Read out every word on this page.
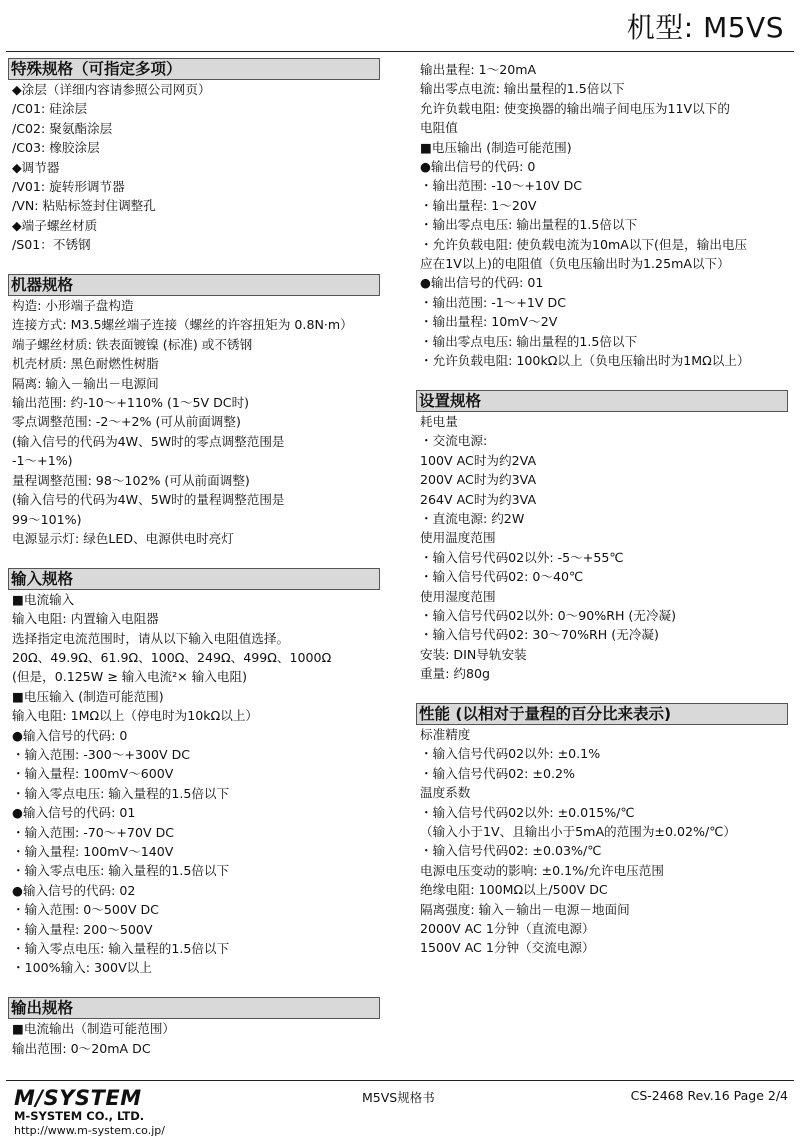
机型: M5VS
特殊规格（可指定多项）
◆涂层（详细内容请参照公司网页）
/C01: 硅涂层
/C02: 聚氨酯涂层
/C03: 橡胶涂层
◆调节器
/V01: 旋转形调节器
/VN: 粘贴标签封住调整孔
◆端子螺丝材质
/S01：不锈钢
机器规格
构造: 小形端子盘构造
连接方式: M3.5螺丝端子连接（螺丝的许容扭矩为 0.8N·m）
端子螺丝材质: 铁表面镀镍 (标准) 或不锈钢
机壳材质: 黑色耐燃性树脂
隔离: 输入－输出－电源间
输出范围: 约-10～+110% (1～5V DC时)
零点调整范围: -2～+2% (可从前面调整)
(输入信号的代码为4W、5W时的零点调整范围是
-1～+1%)
量程调整范围: 98～102% (可从前面调整)
(输入信号的代码为4W、5W时的量程调整范围是
99～101%)
电源显示灯: 绿色LED、电源供电时亮灯
输入规格
■电流输入
输入电阻: 内置输入电阻器
选择指定电流范围时，请从以下输入电阻值选择。
20Ω、49.9Ω、61.9Ω、100Ω、249Ω、499Ω、1000Ω
(但是，0.125W ≥ 输入电流²× 输入电阻)
■电压输入 (制造可能范围)
输入电阻: 1MΩ以上（停电时为10kΩ以上）
●输入信号的代码: 0
・输入范围: -300～+300V DC
・输入量程: 100mV～600V
・输入零点电压: 输入量程的1.5倍以下
●输入信号的代码: 01
・输入范围: -70～+70V DC
・输入量程: 100mV～140V
・输入零点电压: 输入量程的1.5倍以下
●输入信号的代码: 02
・输入范围: 0～500V DC
・输入量程: 200～500V
・输入零点电压: 输入量程的1.5倍以下
・100%输入: 300V以上
输出规格
■电流输出（制造可能范围）
输出范围: 0～20mA DC
输出量程: 1～20mA
输出零点电流: 输出量程的1.5倍以下
允许负载电阻: 使变换器的输出端子间电压为11V以下的
电阻值
■电压输出 (制造可能范围)
●输出信号的代码: 0
・输出范围: -10～+10V DC
・输出量程: 1～20V
・输出零点电压: 输出量程的1.5倍以下
・允许负载电阻: 使负载电流为10mA以下(但是，输出电压
应在1V以上)的电阻值（负电压输出时为1.25mA以下）
●输出信号的代码: 01
・输出范围: -1～+1V DC
・输出量程: 10mV～2V
・输出零点电压: 输出量程的1.5倍以下
・允许负载电阻: 100kΩ以上（负电压输出时为1MΩ以上）
设置规格
耗电量
・交流电源:
100V AC时为约2VA
200V AC时为约3VA
264V AC时为约3VA
・直流电源: 约2W
使用温度范围
・输入信号代码02以外: -5～+55℃
・输入信号代码02: 0～40℃
使用湿度范围
・输入信号代码02以外: 0～90%RH (无冷凝)
・输入信号代码02: 30～70%RH (无冷凝)
安装: DIN导轨安装
重量: 约80g
性能 (以相对于量程的百分比来表示)
标准精度
・输入信号代码02以外: ±0.1%
・输入信号代码02: ±0.2%
温度系数
・输入信号代码02以外: ±0.015%/℃
（输入小于1V、且输出小于5mA的范围为±0.02%/℃）
・输入信号代码02: ±0.03%/℃
电源电压变动的影响: ±0.1%/允许电压范围
绝缘电阻: 100MΩ以上/500V DC
隔离强度: 输入－输出－电源－地面间
2000V AC 1分钟（直流电源）
1500V AC 1分钟（交流电源）
M/SYSTEM
M-SYSTEM CO., LTD.
http://www.m-system.co.jp/
M5VS规格书	CS-2468 Rev.16 Page 2/4
